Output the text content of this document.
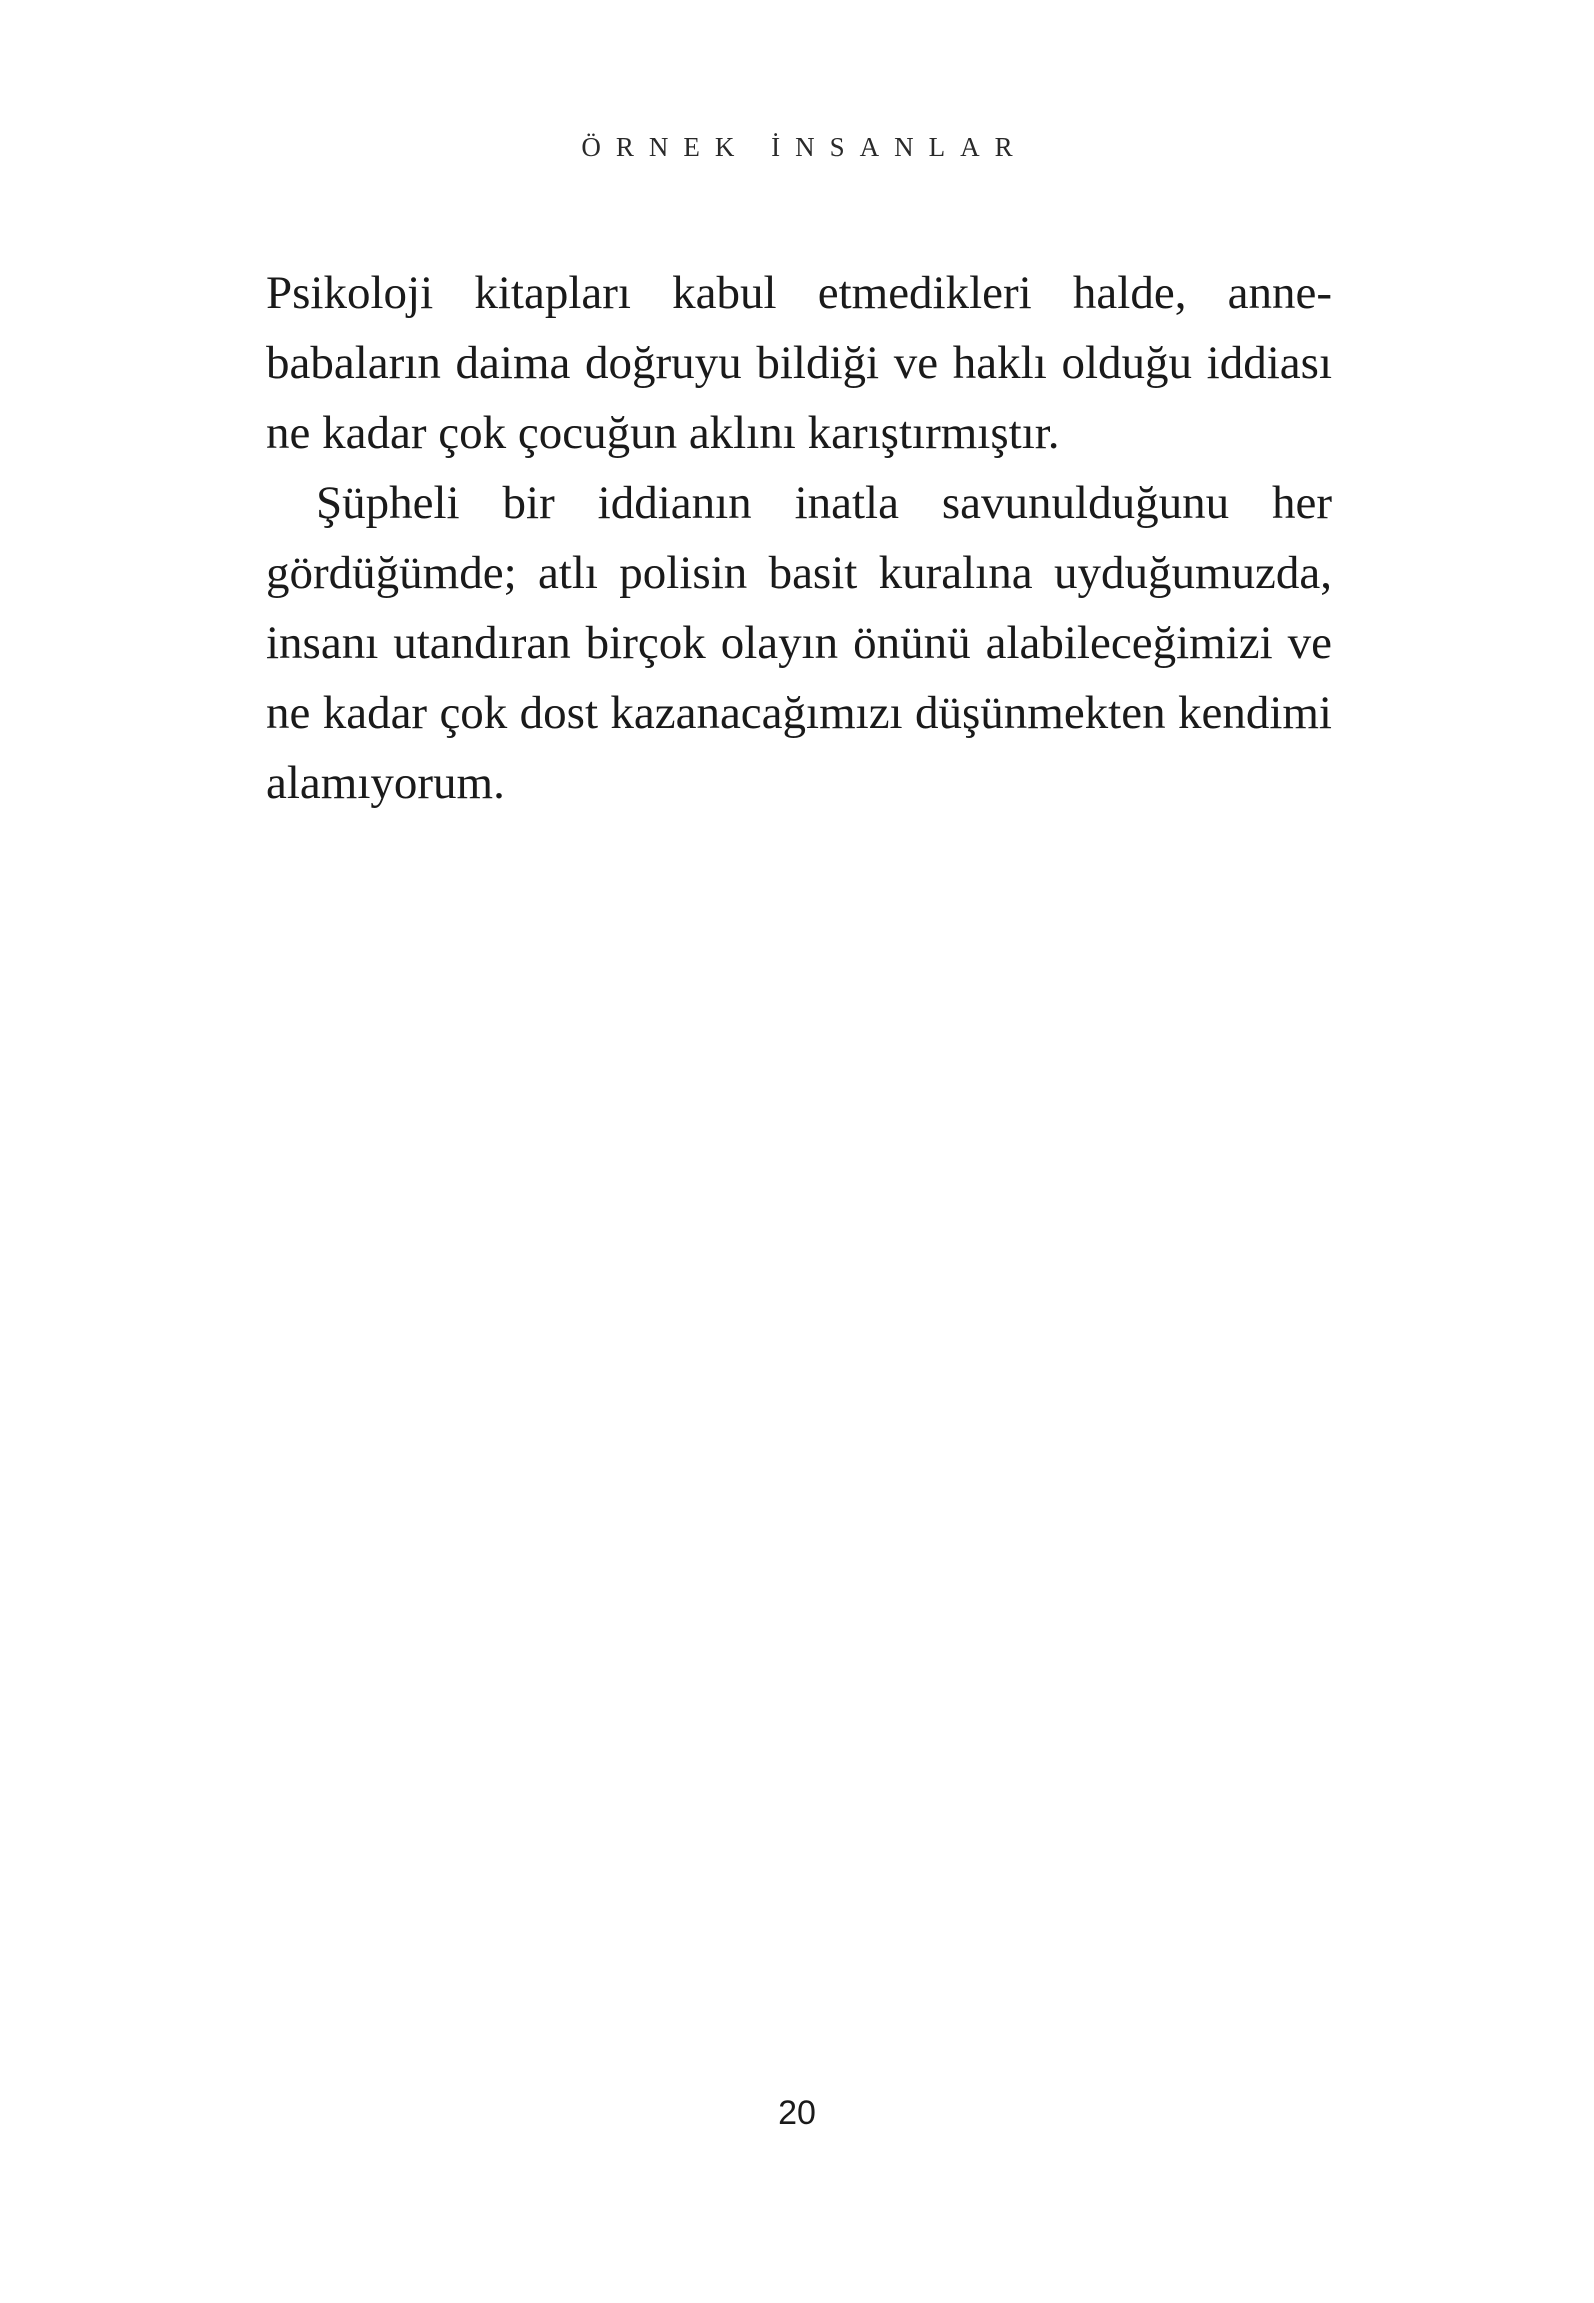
ÖRNEK İNSANLAR

Psikoloji kitapları kabul etmedikleri halde, anne-babaların daima doğruyu bildiği ve haklı olduğu iddiası ne kadar çok çocuğun aklını karıştırmıştır.

Şüpheli bir iddianın inatla savunulduğunu her gördüğümde; atlı polisin basit kuralına uyduğumuzda, insanı utandıran birçok olayın önünü alabileceğimizi ve ne kadar çok dost kazanacağımızı düşünmekten kendimi alamıyorum.

20
